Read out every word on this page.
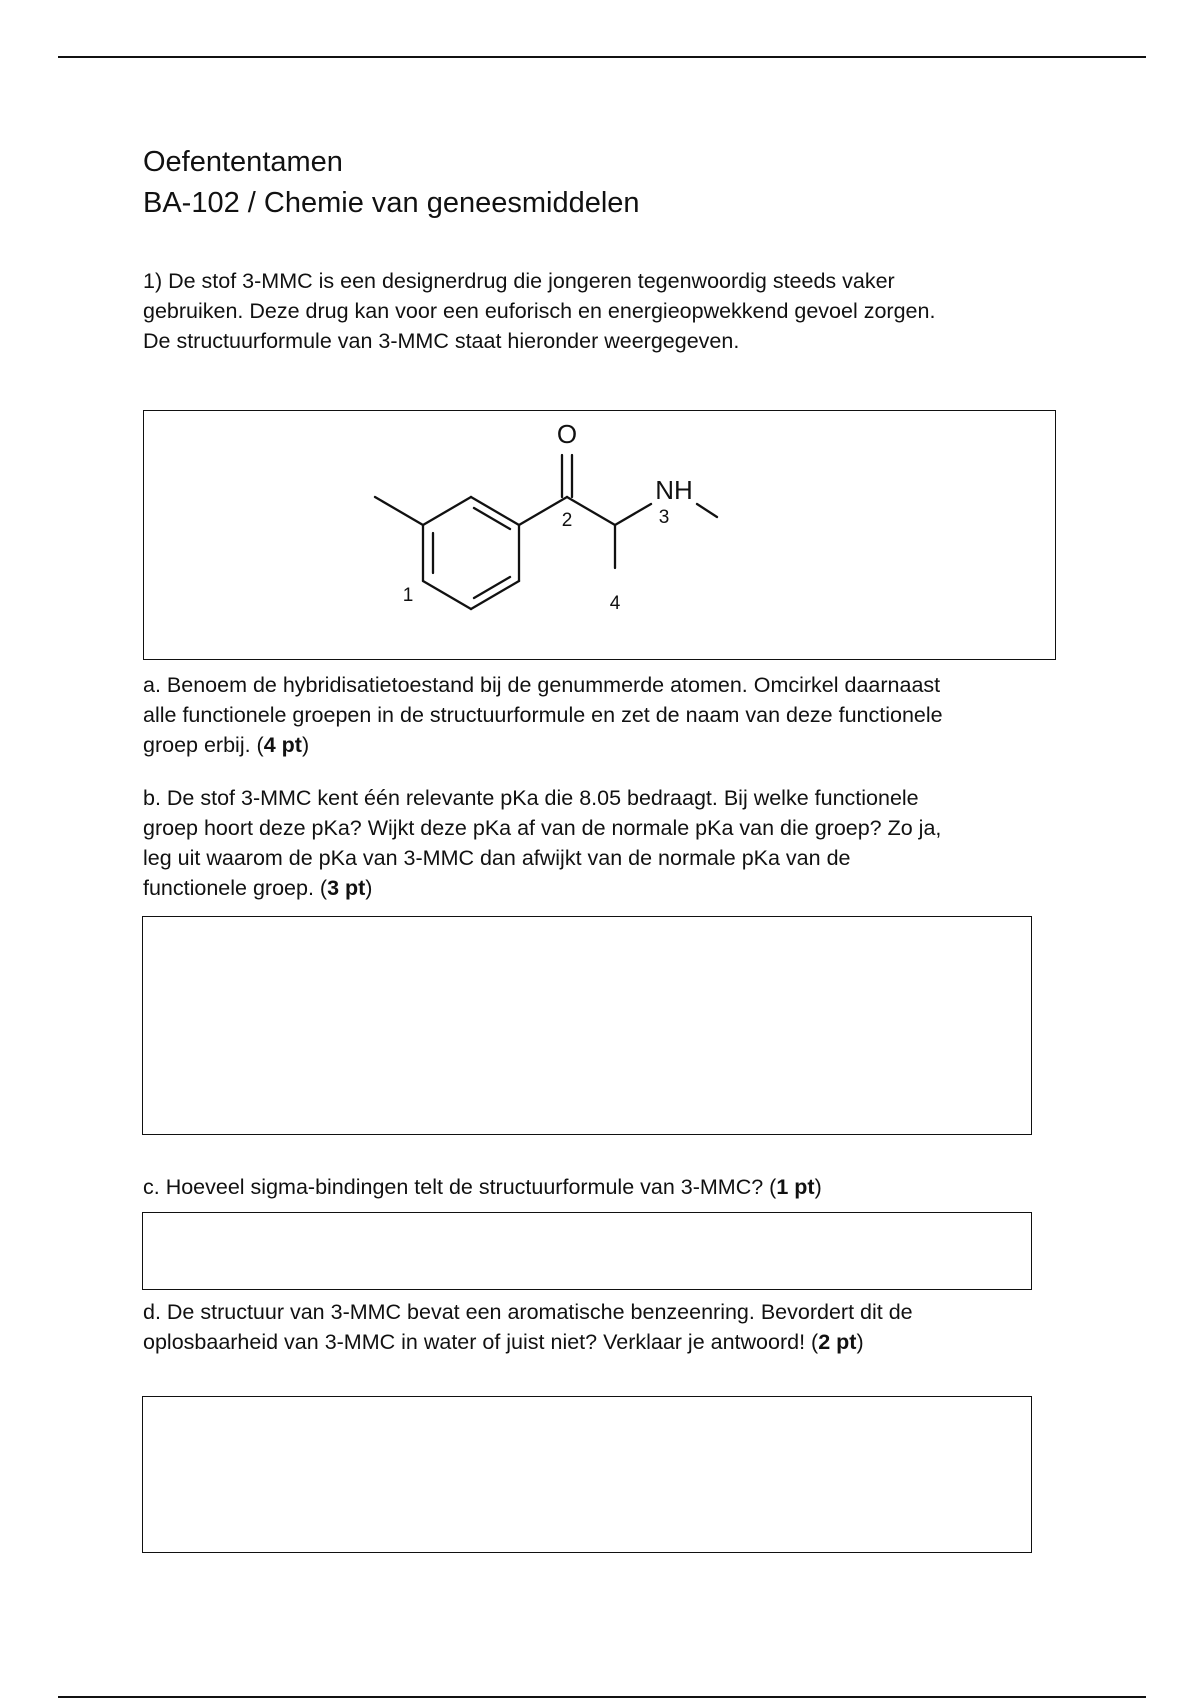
Oefententamen
BA-102 / Chemie van geneesmiddelen
1) De stof 3-MMC is een designerdrug die jongeren tegenwoordig steeds vaker
gebruiken. Deze drug kan voor een euforisch en energieopwekkend gevoel zorgen.
De structuurformule van 3-MMC staat hieronder weergegeven.
O
NH
1
2	3
4
a. Benoem de hybridisatietoestand bij de genummerde atomen. Omcirkel daarnaast
alle functionele groepen in de structuurformule en zet de naam van deze functionele
groep erbij. (4 pt)
b. De stof 3-MMC kent één relevante pKa die 8.05 bedraagt. Bij welke functionele
groep hoort deze pKa? Wijkt deze pKa af van de normale pKa van die groep? Zo ja,
leg uit waarom de pKa van 3-MMC dan afwijkt van de normale pKa van de
functionele groep. (3 pt)
c. Hoeveel sigma-bindingen telt de structuurformule van 3-MMC? (1 pt)
d. De structuur van 3-MMC bevat een aromatische benzeenring. Bevordert dit de
oplosbaarheid van 3-MMC in water of juist niet? Verklaar je antwoord! (2 pt)
